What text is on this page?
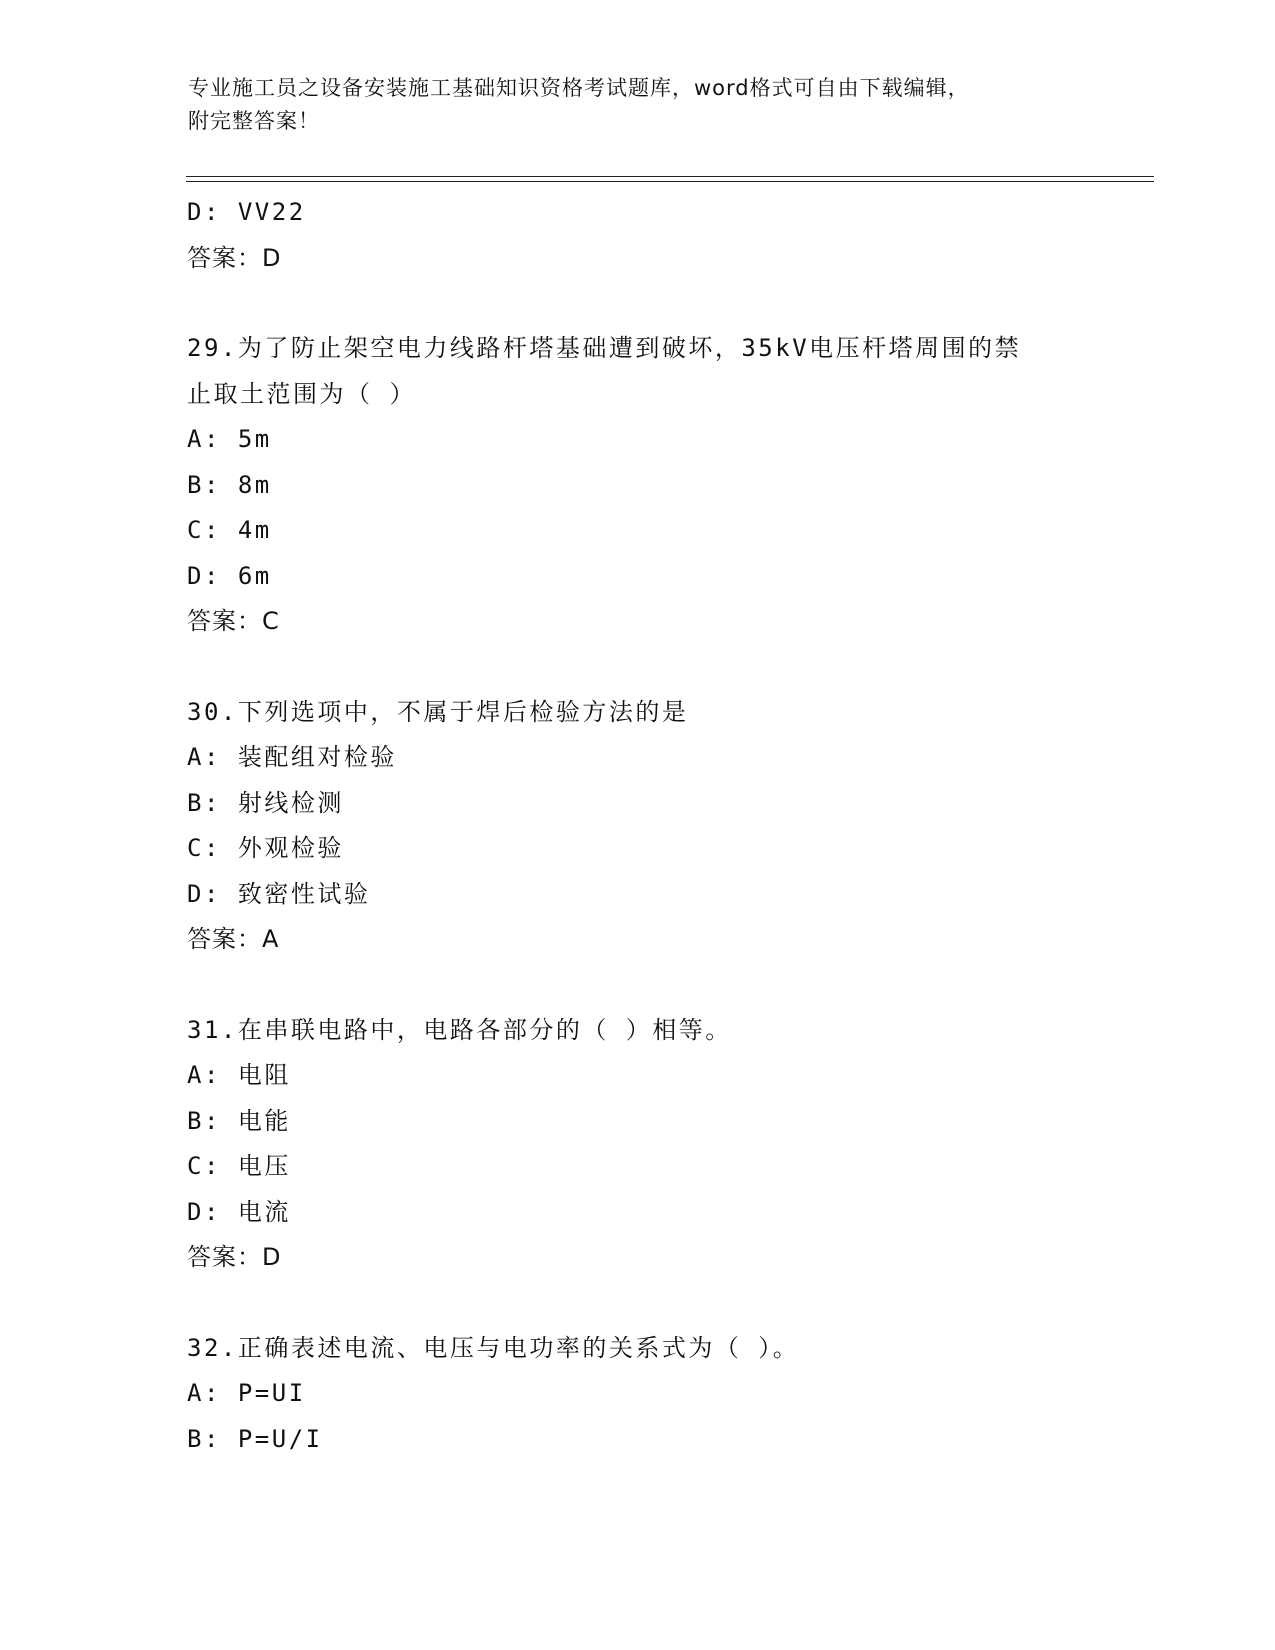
专业施工员之设备安装施工基础知识资格考试题库，word格式可自由下载编辑，
附完整答案！
D: VV22
答案：D
29.为了防止架空电力线路杆塔基础遭到破坏，35kV电压杆塔周围的禁
止取土范围为（ ）
A: 5m
B: 8m
C: 4m
D: 6m
答案：C
30.下列选项中，不属于焊后检验方法的是
A: 装配组对检验
B: 射线检测
C: 外观检验
D: 致密性试验
答案：A
31.在串联电路中，电路各部分的（ ）相等。
A: 电阻
B: 电能
C: 电压
D: 电流
答案：D
32.正确表述电流、电压与电功率的关系式为（ ）。
A: P=UI
B: P=U/I
